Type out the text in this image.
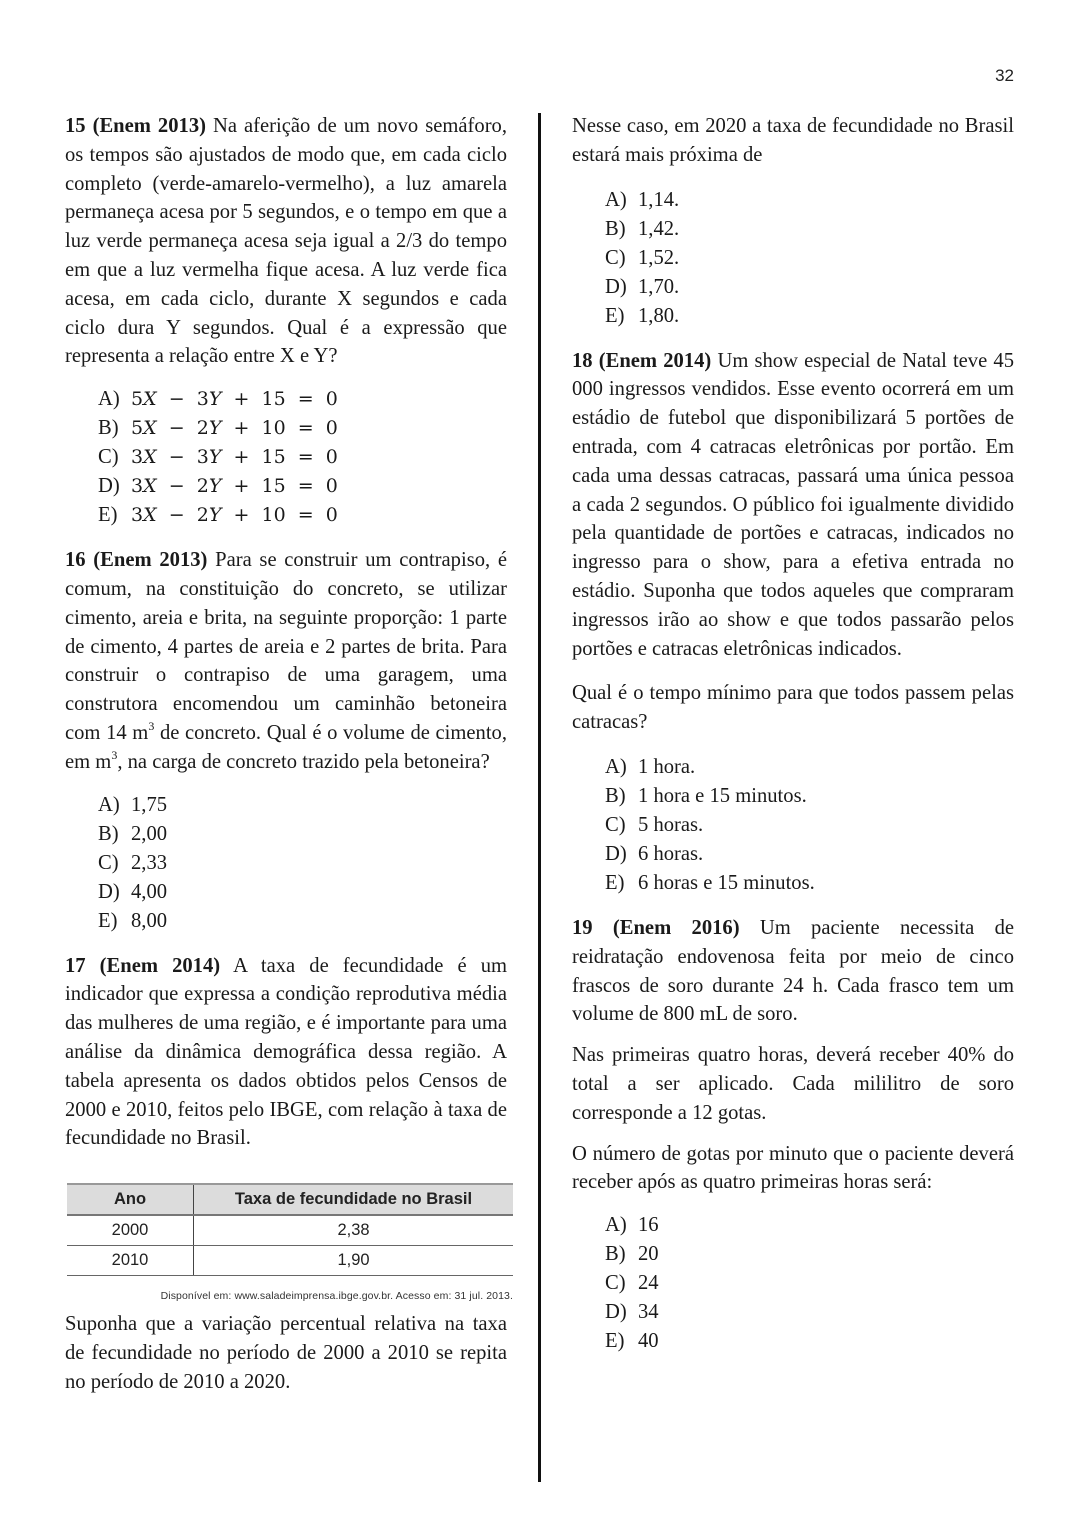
32

15 (Enem 2013) Na aferição de um novo semáforo, os tempos são ajustados de modo que, em cada ciclo completo (verde-amarelo-vermelho), a luz amarela permaneça acesa por 5 segundos, e o tempo em que a luz verde permaneça acesa seja igual a 2/3 do tempo em que a luz vermelha fique acesa. A luz verde fica acesa, em cada ciclo, durante X segundos e cada ciclo dura Y segundos. Qual é a expressão que representa a relação entre X e Y?

A) 5X − 3Y + 15 = 0
B) 5X − 2Y + 10 = 0
C) 3X − 3Y + 15 = 0
D) 3X − 2Y + 15 = 0
E) 3X − 2Y + 10 = 0

16 (Enem 2013) Para se construir um contrapiso, é comum, na constituição do concreto, se utilizar cimento, areia e brita, na seguinte proporção: 1 parte de cimento, 4 partes de areia e 2 partes de brita. Para construir o contrapiso de uma garagem, uma construtora encomendou um caminhão betoneira com 14 $m^3$ de concreto. Qual é o volume de cimento, em $m^3$, na carga de concreto trazido pela betoneira?

A) 1,75
B) 2,00
C) 2,33
D) 4,00
E) 8,00

17 (Enem 2014) A taxa de fecundidade é um indicador que expressa a condição reprodutiva média das mulheres de uma região, e é importante para uma análise da dinâmica demográfica dessa região. A tabela apresenta os dados obtidos pelos Censos de 2000 e 2010, feitos pelo IBGE, com relação à taxa de fecundidade no Brasil.

Ano	Taxa de fecundidade no Brasil
2000	2,38
2010	1,90
Disponível em: www.saladeimprensa.ibge.gov.br. Acesso em: 31 jul. 2013.

Suponha que a variação percentual relativa na taxa de fecundidade no período de 2000 a 2010 se repita no período de 2010 a 2020.

Nesse caso, em 2020 a taxa de fecundidade no Brasil estará mais próxima de

A) 1,14.
B) 1,42.
C) 1,52.
D) 1,70.
E) 1,80.

18 (Enem 2014) Um show especial de Natal teve 45 000 ingressos vendidos. Esse evento ocorrerá em um estádio de futebol que disponibilizará 5 portões de entrada, com 4 catracas eletrônicas por portão. Em cada uma dessas catracas, passará uma única pessoa a cada 2 segundos. O público foi igualmente dividido pela quantidade de portões e catracas, indicados no ingresso para o show, para a efetiva entrada no estádio. Suponha que todos aqueles que compraram ingressos irão ao show e que todos passarão pelos portões e catracas eletrônicas indicados.

Qual é o tempo mínimo para que todos passem pelas catracas?

A) 1 hora.
B) 1 hora e 15 minutos.
C) 5 horas.
D) 6 horas.
E) 6 horas e 15 minutos.

19 (Enem 2016) Um paciente necessita de reidratação endovenosa feita por meio de cinco frascos de soro durante 24 h. Cada frasco tem um volume de 800 mL de soro.

Nas primeiras quatro horas, deverá receber 40% do total a ser aplicado. Cada mililitro de soro corresponde a 12 gotas.

O número de gotas por minuto que o paciente deverá receber após as quatro primeiras horas será:

A) 16
B) 20
C) 24
D) 34
E) 40
